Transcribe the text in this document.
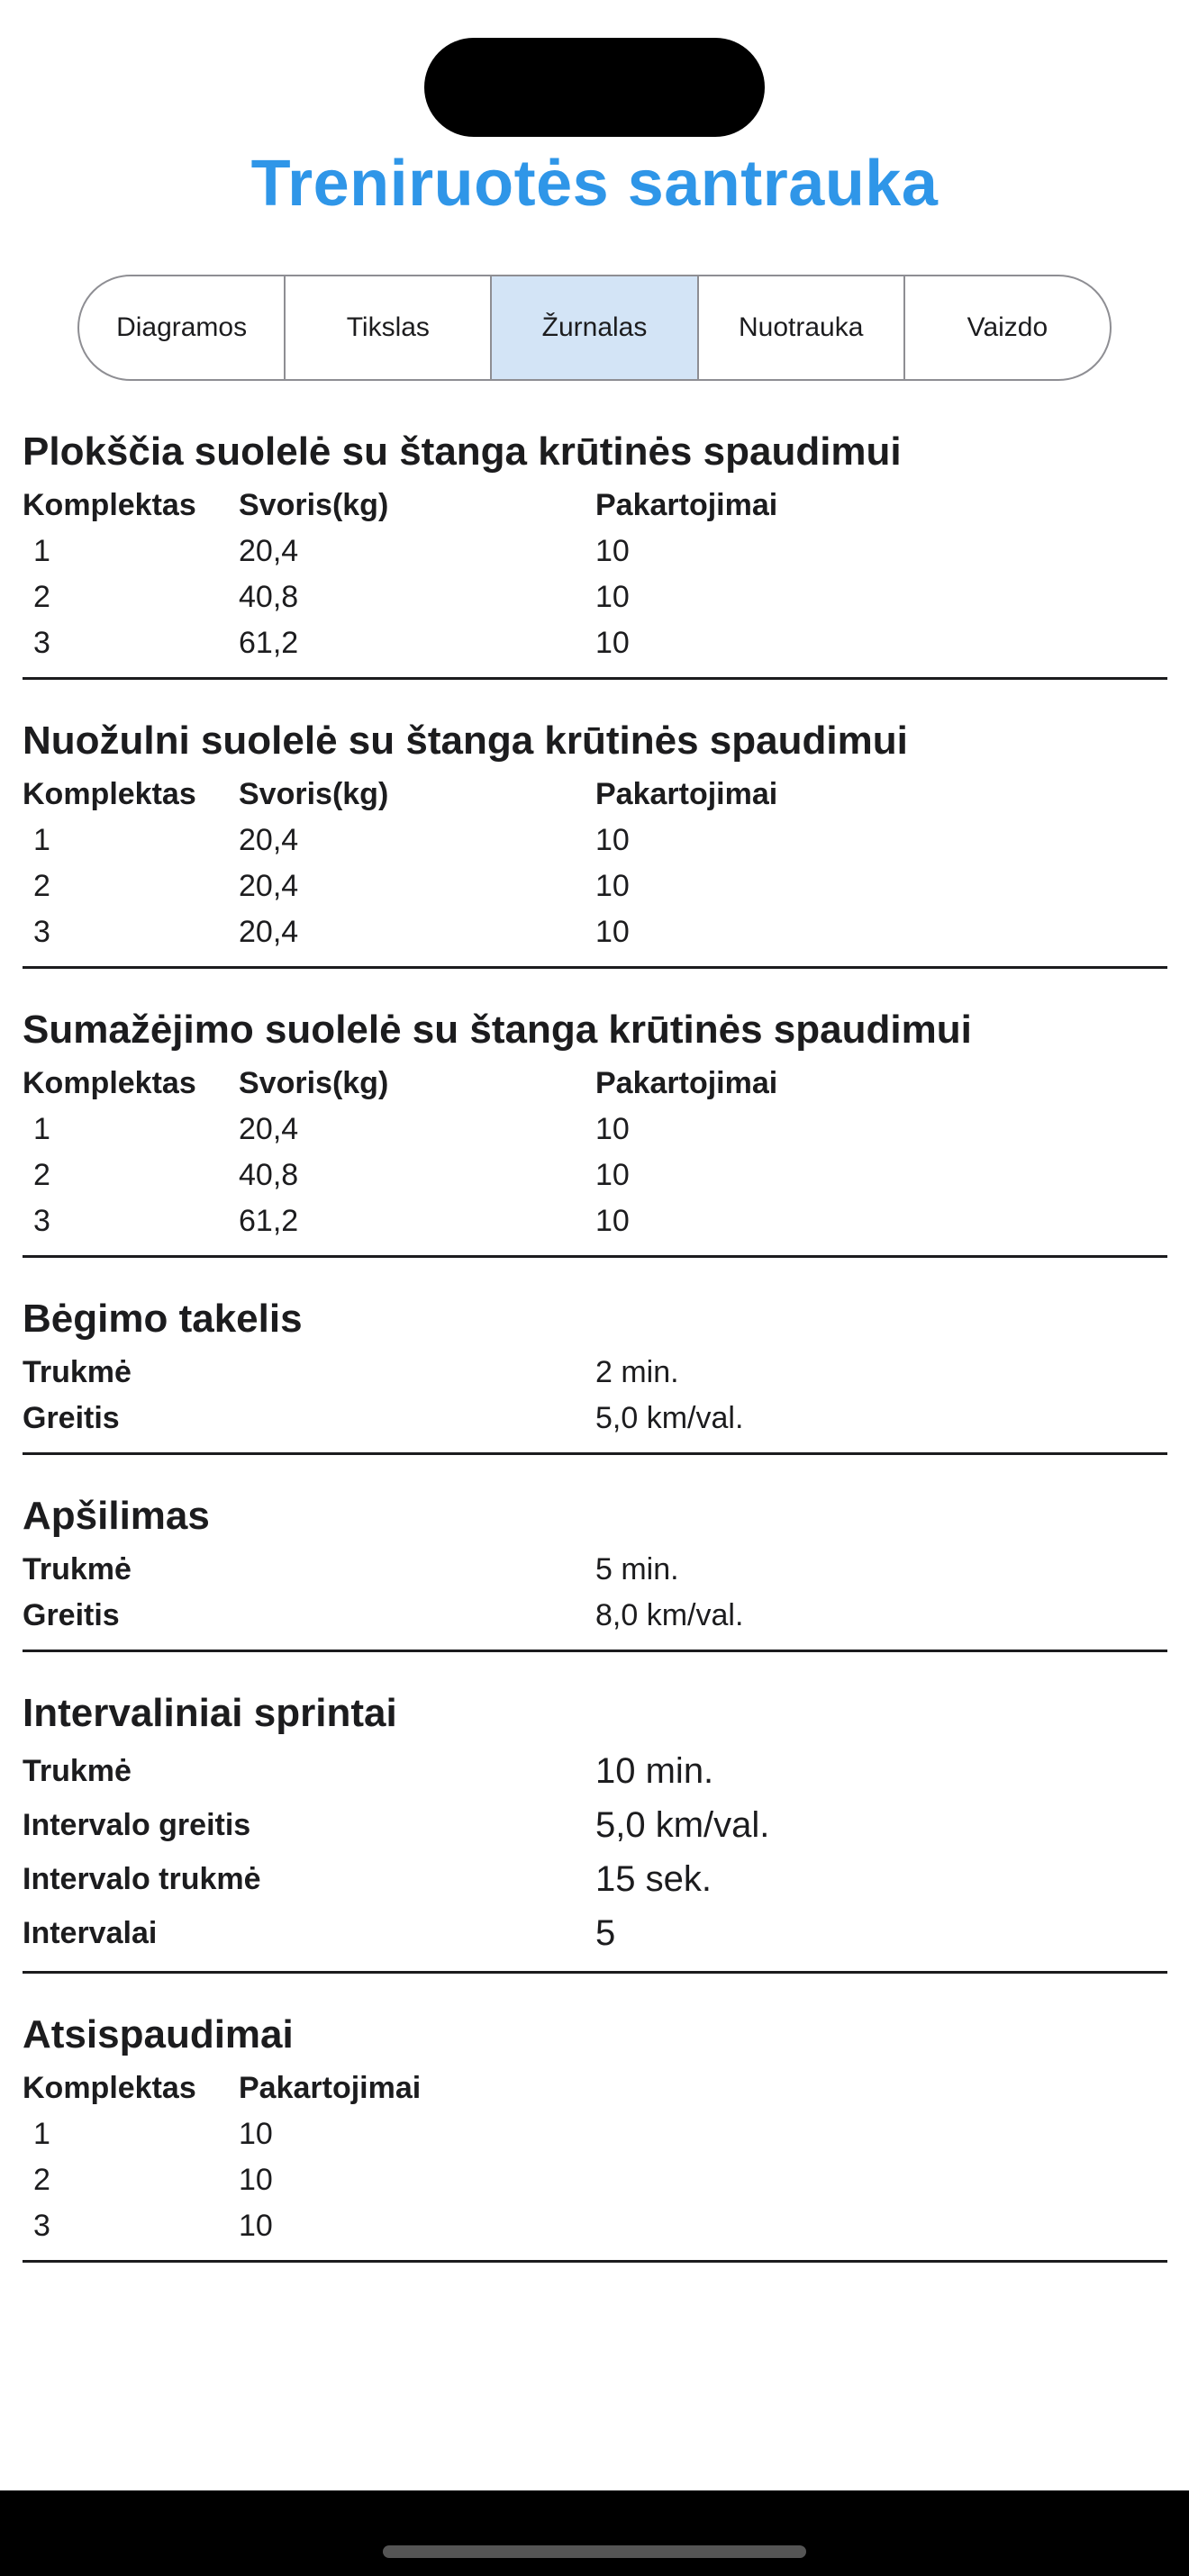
Treniruotės santrauka
Diagramos	Tikslas	Žurnalas	Nuotrauka	Vaizdo
Plokščia suolelė su štanga krūtinės spaudimui
Komplektas	Svoris(kg)	Pakartojimai
1	20,4	10
2	40,8	10
3	61,2	10
Nuožulni suolelė su štanga krūtinės spaudimui
Komplektas	Svoris(kg)	Pakartojimai
1	20,4	10
2	20,4	10
3	20,4	10
Sumažėjimo suolelė su štanga krūtinės spaudimui
Komplektas	Svoris(kg)	Pakartojimai
1	20,4	10
2	40,8	10
3	61,2	10
Bėgimo takelis
Trukmė	2 min.
Greitis	5,0 km/val.
Apšilimas
Trukmė	5 min.
Greitis	8,0 km/val.
Intervaliniai sprintai
Trukmė	10 min.
Intervalo greitis	5,0 km/val.
Intervalo trukmė	15 sek.
Intervalai	5
Atsispaudimai
Komplektas	Pakartojimai
1	10
2	10
3	10
